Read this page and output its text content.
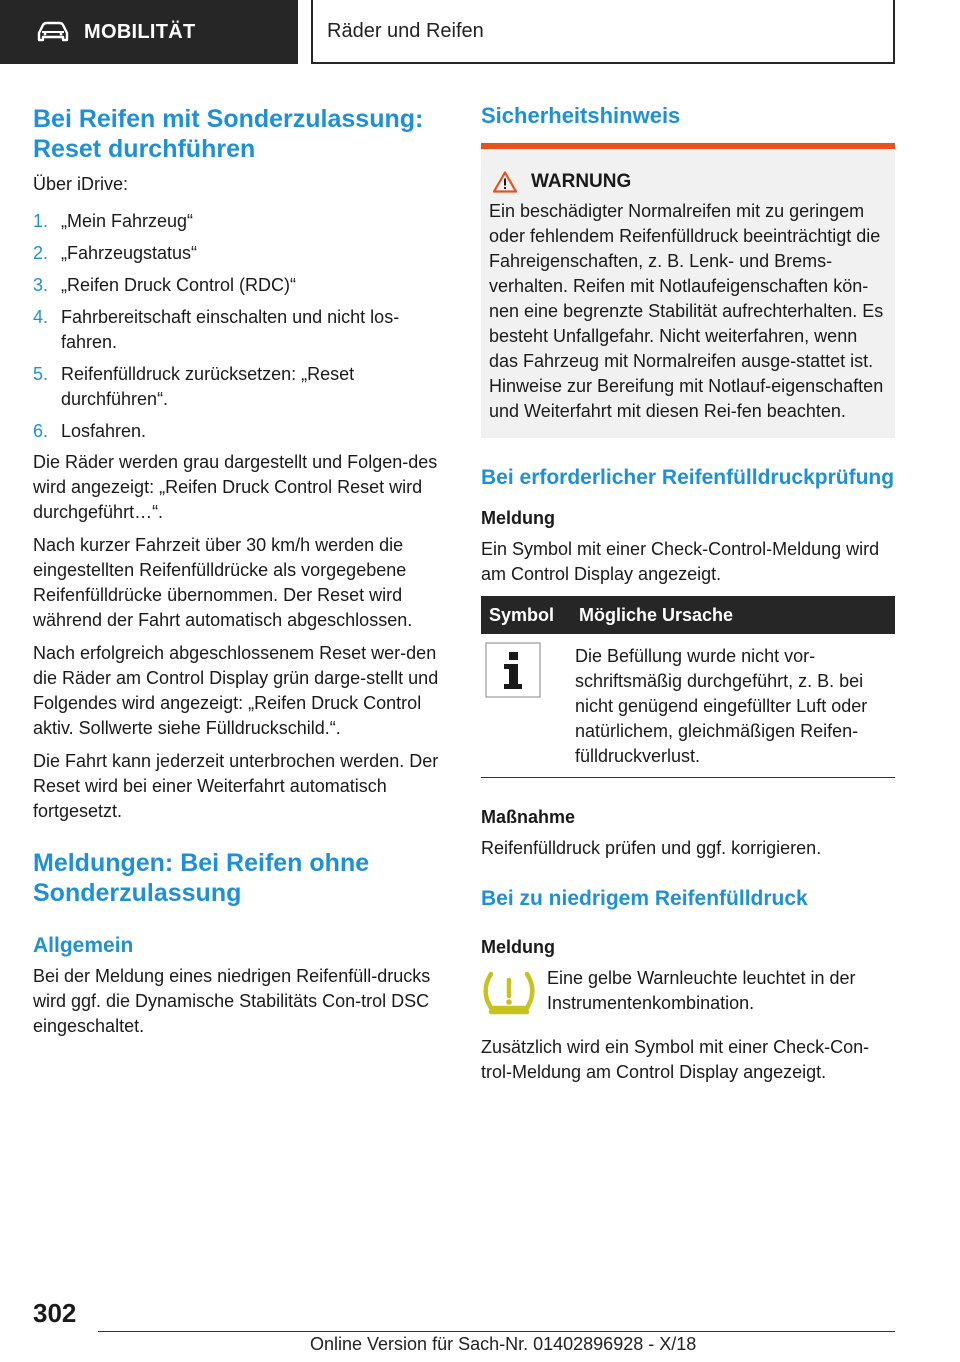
MOBILITÄT	Räder und Reifen
Bei Reifen mit Sonderzulassung: Reset durchführen

Über iDrive:

1. „Mein Fahrzeug“
2. „Fahrzeugstatus“
3. „Reifen Druck Control (RDC)“
4. Fahrbereitschaft einschalten und nicht los-fahren.
5. Reifenfülldruck zurücksetzen: „Reset durchführen“.
6. Losfahren.

Die Räder werden grau dargestellt und Folgen-des wird angezeigt: „Reifen Druck Control Reset wird durchgeführt…“.

Nach kurzer Fahrzeit über 30 km/h werden die eingestellten Reifenfülldrücke als vorgegebene Reifenfülldrücke übernommen. Der Reset wird während der Fahrt automatisch abgeschlossen.

Nach erfolgreich abgeschlossenem Reset wer-den die Räder am Control Display grün darge-stellt und Folgendes wird angezeigt: „Reifen Druck Control aktiv. Sollwerte siehe Fülldruckschild.“.

Die Fahrt kann jederzeit unterbrochen werden. Der Reset wird bei einer Weiterfahrt automatisch fortgesetzt.

Meldungen: Bei Reifen ohne Sonderzulassung
Allgemein

Bei der Meldung eines niedrigen Reifenfüll-drucks wird ggf. die Dynamische Stabilitäts Con-trol DSC eingeschaltet.

Sicherheitshinweis
WARNUNG

Ein beschädigter Normalreifen mit zu geringem oder fehlendem Reifenfülldruck beeinträchtigt die Fahreigenschaften, z. B. Lenk- und Brems-verhalten. Reifen mit Notlaufeigenschaften kön-nen eine begrenzte Stabilität aufrechterhalten. Es besteht Unfallgefahr. Nicht weiterfahren, wenn das Fahrzeug mit Normalreifen ausge-stattet ist. Hinweise zur Bereifung mit Notlauf-eigenschaften und Weiterfahrt mit diesen Rei-fen beachten.

Bei erforderlicher Reifenfülldruckprüfung

Meldung

Ein Symbol mit einer Check-Control-Meldung wird am Control Display angezeigt.

Symbol	Mögliche Ursache
	Die Befüllung wurde nicht vor-schriftsmäßig durchgeführt, z. B. bei nicht genügend eingefüllter Luft oder natürlichem, gleichmäßigen Reifen-fülldruckverlust.

Maßnahme

Reifenfülldruck prüfen und ggf. korrigieren.

Bei zu niedrigem Reifenfülldruck

Meldung

Eine gelbe Warnleuchte leuchtet in der Instrumentenkombination.

Zusätzlich wird ein Symbol mit einer Check-Con-trol-Meldung am Control Display angezeigt.

302
Online Version für Sach-Nr. 01402896928 - X/18
